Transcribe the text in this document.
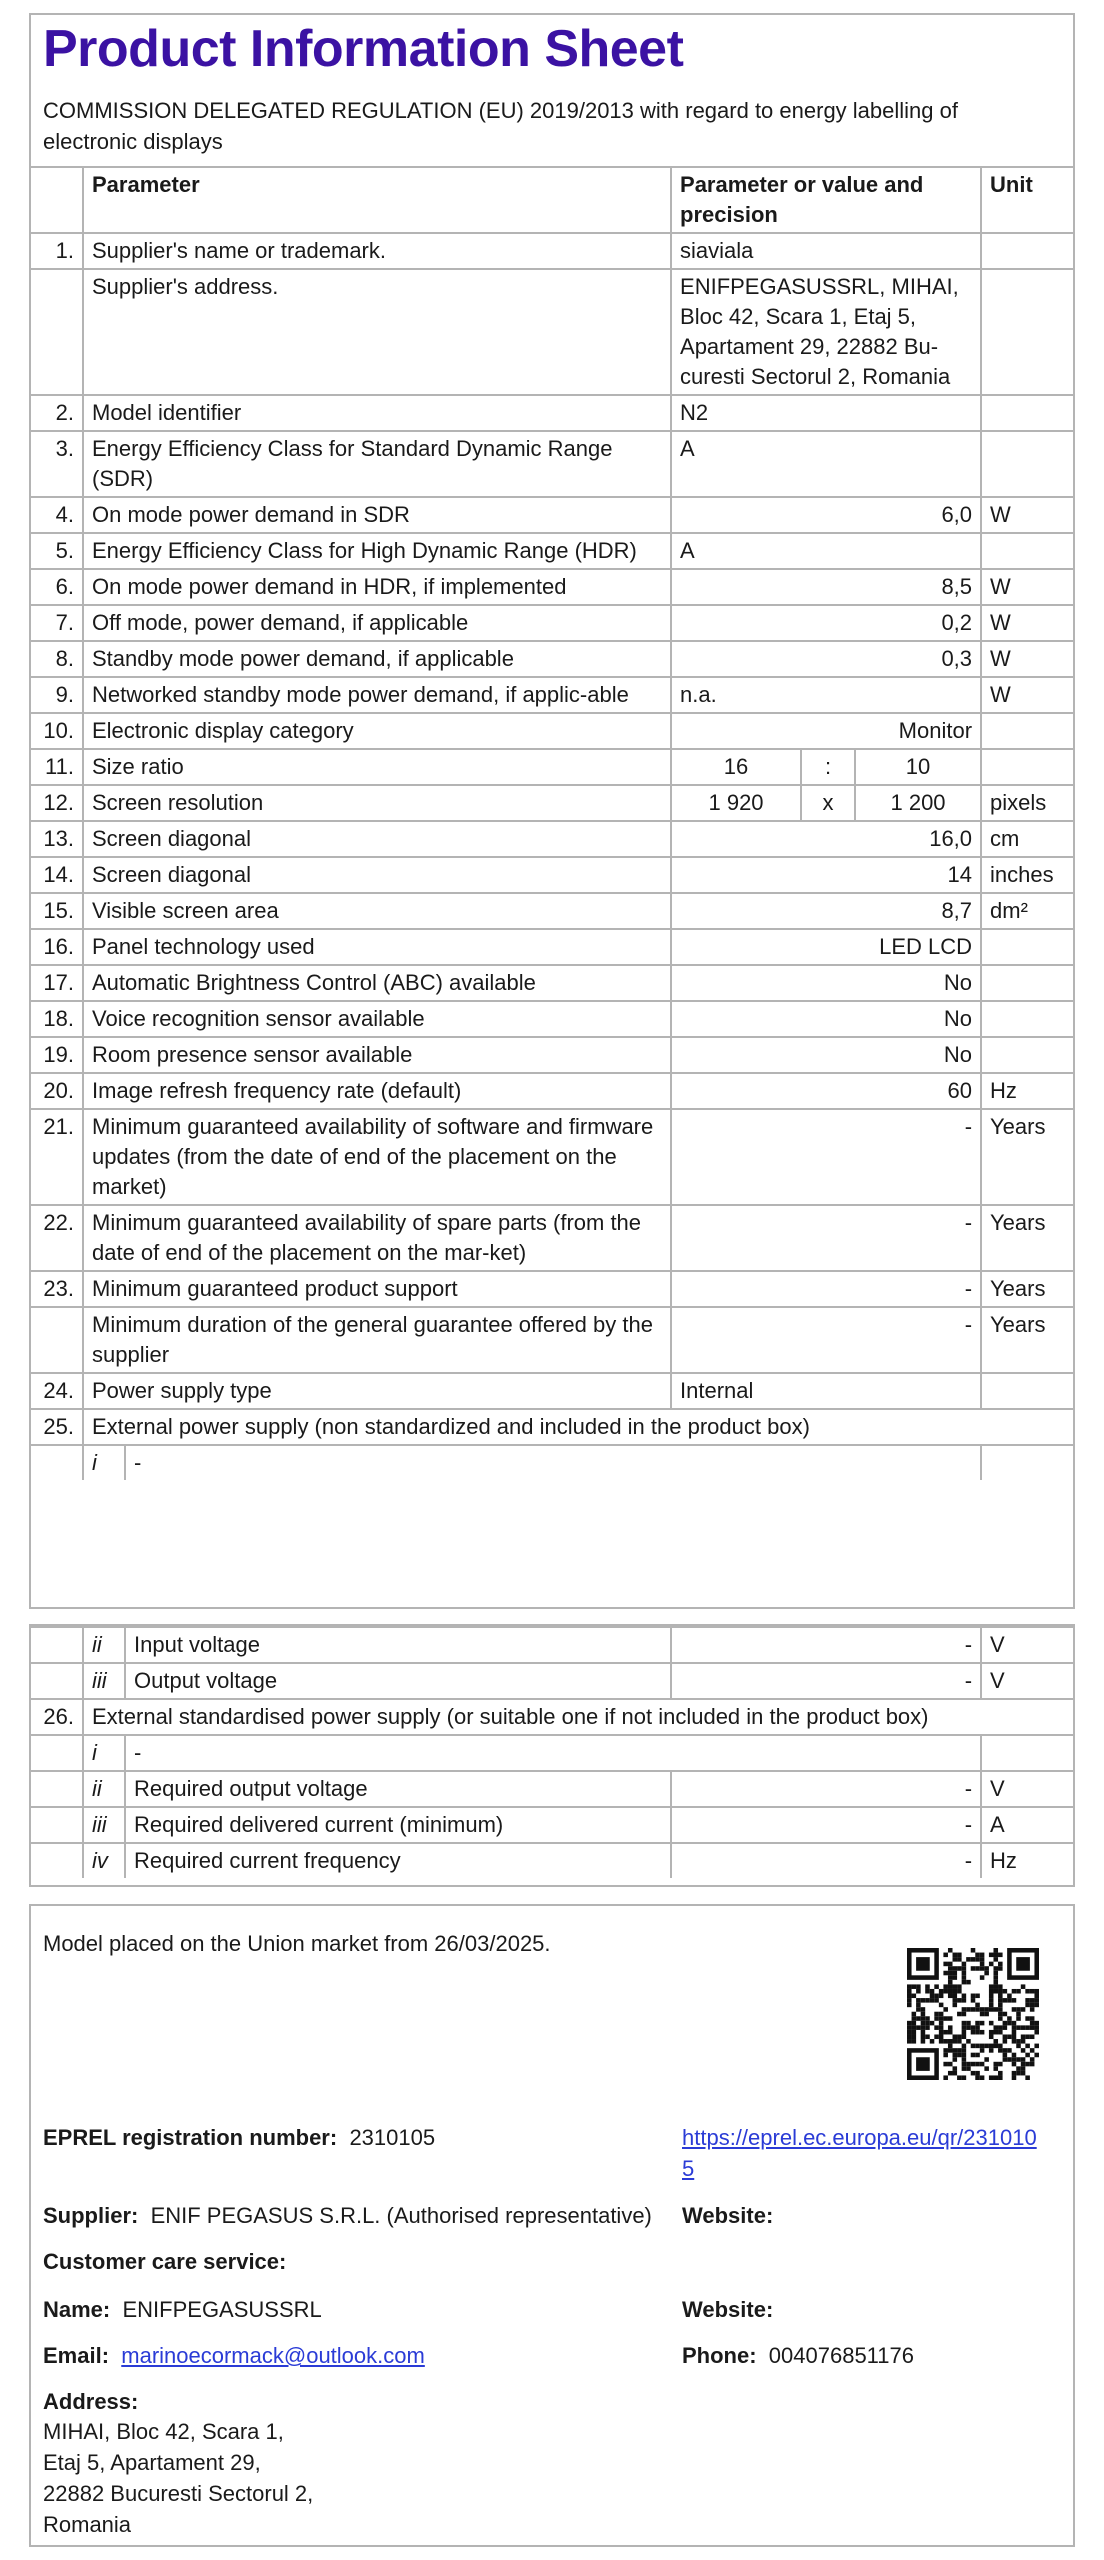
Product Information Sheet
COMMISSION DELEGATED REGULATION (EU) 2019/2013 with regard to energy labelling of electronic displays
	Parameter		Parameter or value and precision			Unit
1.	Supplier's name or trademark.		siaviala			
	Supplier's address.		ENIFPEGASUSSRL, MIHAI, Bloc 42, Scara 1, Etaj 5, Apartament 29, 22882 Bu-curesti Sectorul 2, Romania			
2.	Model identifier		N2			
3.	Energy Efficiency Class for Standard Dynamic Range (SDR)		A			
4.	On mode power demand in SDR		6,0			W
5.	Energy Efficiency Class for High Dynamic Range (HDR)		A			
6.	On mode power demand in HDR, if implemented		8,5			W
7.	Off mode, power demand, if applicable		0,2			W
8.	Standby mode power demand, if applicable		0,3			W
9.	Networked standby mode power demand, if applic-able		n.a.			W
10.	Electronic display category		Monitor			
11.	Size ratio		16	:	10	
12.	Screen resolution		1 920	x	1 200	pixels
13.	Screen diagonal		16,0			cm
14.	Screen diagonal		14			inches
15.	Visible screen area		8,7			dm²
16.	Panel technology used		LED LCD			
17.	Automatic Brightness Control (ABC) available		No			
18.	Voice recognition sensor available		No			
19.	Room presence sensor available		No			
20.	Image refresh frequency rate (default)		60			Hz
21.	Minimum guaranteed availability of software and firmware updates (from the date of end of the placement on the market)		-			Years
22.	Minimum guaranteed availability of spare parts (from the date of end of the placement on the mar-ket)		-			Years
23.	Minimum guaranteed product support		-			Years
	Minimum duration of the general guarantee offered by the supplier		-			Years
24.	Power supply type		Internal			
25.	External power supply (non standardized and included in the product box)					
	i	-				
	ii	Input voltage	-	V
	iii	Output voltage	-	V
26.	External standardised power supply (or suitable one if not included in the product box)			
	i	-		
	ii	Required output voltage	-	V
	iii	Required delivered current (minimum)	-	A
	iv	Required current frequency	-	Hz
Model placed on the Union market from 26/03/2025.
EPREL registration number: 2310105	https://eprel.ec.europa.eu/qr/2310105
Supplier: ENIF PEGASUS S.R.L. (Authorised representative) Website:
Customer care service:
Name: ENIFPEGASUSSRL	Website:
Email: marinoecormack@outlook.com	Phone: 004076851176
Address:
MIHAI, Bloc 42, Scara 1,
Etaj 5, Apartament 29,
22882 Bucuresti Sectorul 2,
Romania
